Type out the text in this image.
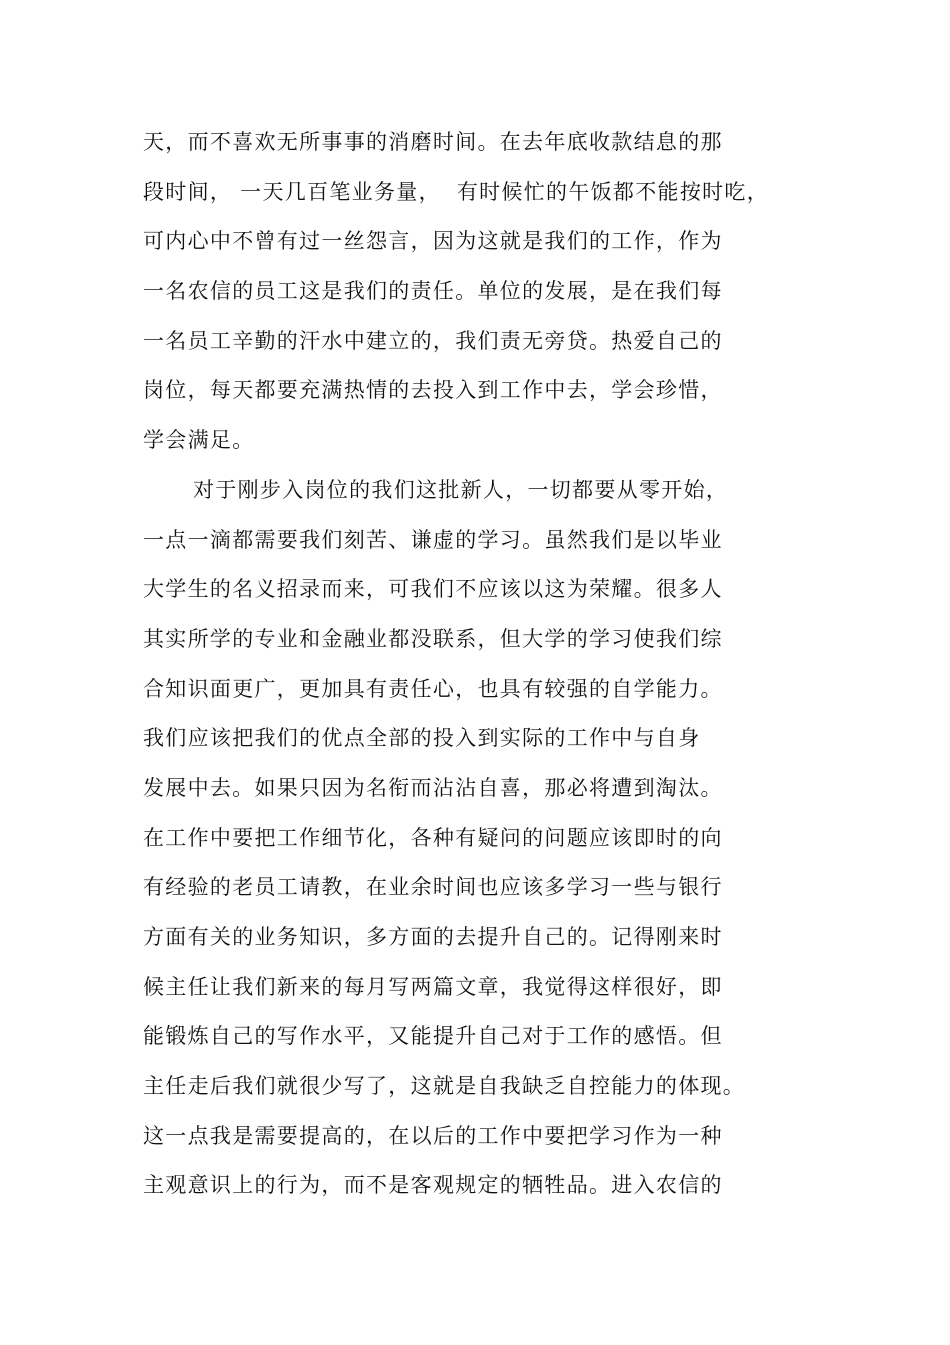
天，而不喜欢无所事事的消磨时间。在去年底收款结息的那
段时间， 一天几百笔业务量，  有时候忙的午饭都不能按时吃，
可内心中不曾有过一丝怨言，因为这就是我们的工作，作为
一名农信的员工这是我们的责任。单位的发展，是在我们每
一名员工辛勤的汗水中建立的，我们责无旁贷。热爱自己的
岗位，每天都要充满热情的去投入到工作中去，学会珍惜，
学会满足。
对于刚步入岗位的我们这批新人，一切都要从零开始，
一点一滴都需要我们刻苦、谦虚的学习。虽然我们是以毕业
大学生的名义招录而来，可我们不应该以这为荣耀。很多人
其实所学的专业和金融业都没联系，但大学的学习使我们综
合知识面更广，更加具有责任心，也具有较强的自学能力。
我们应该把我们的优点全部的投入到实际的工作中与自身
发展中去。如果只因为名衔而沾沾自喜，那必将遭到淘汰。
在工作中要把工作细节化，各种有疑问的问题应该即时的向
有经验的老员工请教，在业余时间也应该多学习一些与银行
方面有关的业务知识，多方面的去提升自己的。记得刚来时
候主任让我们新来的每月写两篇文章，我觉得这样很好，即
能锻炼自己的写作水平，又能提升自己对于工作的感悟。但
主任走后我们就很少写了，这就是自我缺乏自控能力的体现。
这一点我是需要提高的，在以后的工作中要把学习作为一种
主观意识上的行为，而不是客观规定的牺牲品。进入农信的
